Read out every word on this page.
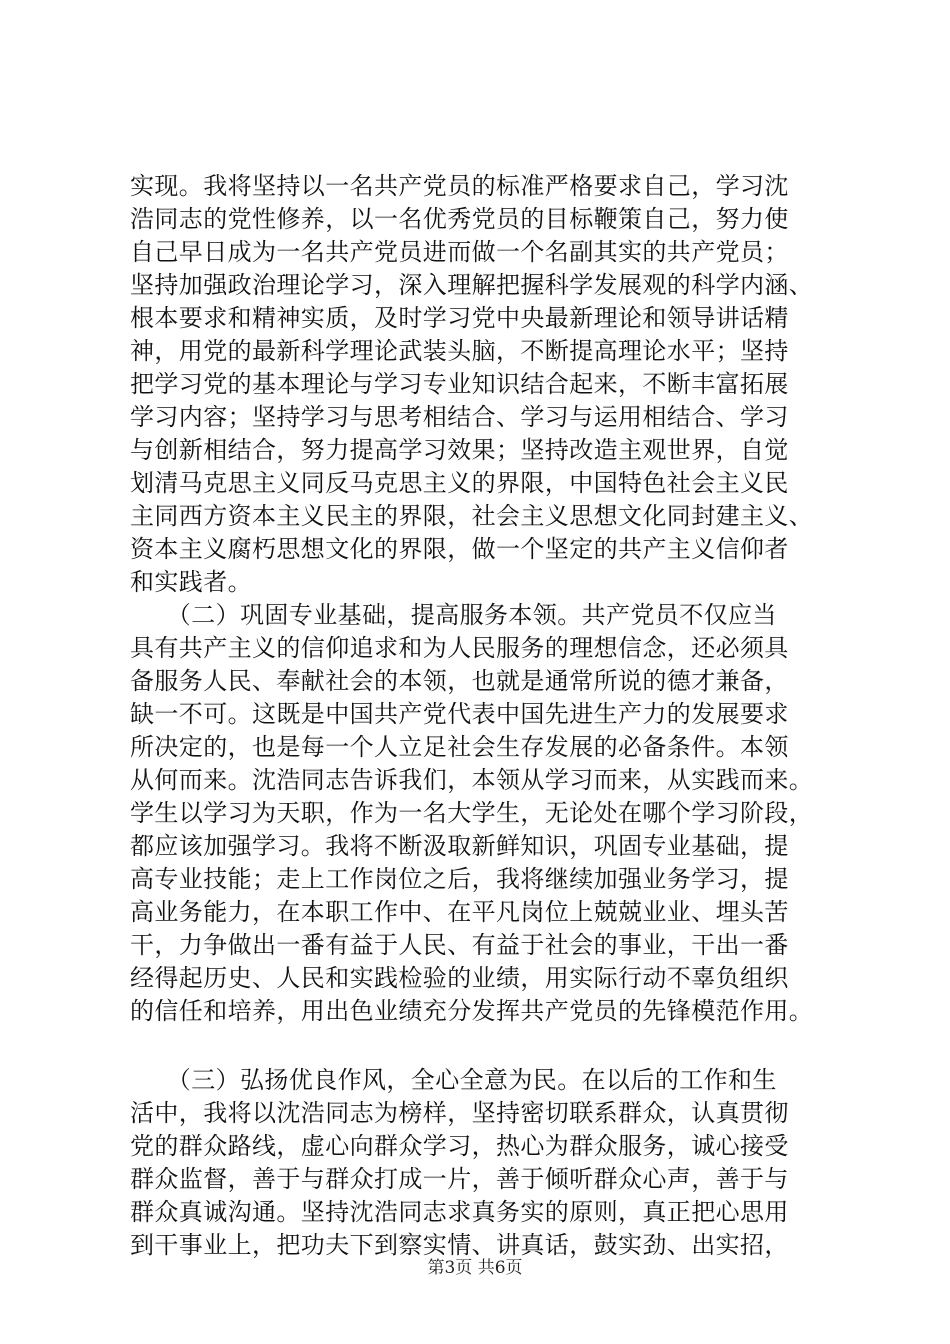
实现。我将坚持以一名共产党员的标准严格要求自己，学习沈
浩同志的党性修养，以一名优秀党员的目标鞭策自己，努力使
自己早日成为一名共产党员进而做一个名副其实的共产党员；
坚持加强政治理论学习，深入理解把握科学发展观的科学内涵、
根本要求和精神实质，及时学习党中央最新理论和领导讲话精
神，用党的最新科学理论武装头脑，不断提高理论水平；坚持
把学习党的基本理论与学习专业知识结合起来，不断丰富拓展
学习内容；坚持学习与思考相结合、学习与运用相结合、学习
与创新相结合，努力提高学习效果；坚持改造主观世界，自觉
划清马克思主义同反马克思主义的界限，中国特色社会主义民
主同西方资本主义民主的界限，社会主义思想文化同封建主义、
资本主义腐朽思想文化的界限，做一个坚定的共产主义信仰者
和实践者。
　　（二）巩固专业基础，提高服务本领。共产党员不仅应当
具有共产主义的信仰追求和为人民服务的理想信念，还必须具
备服务人民、奉献社会的本领，也就是通常所说的德才兼备，
缺一不可。这既是中国共产党代表中国先进生产力的发展要求
所决定的，也是每一个人立足社会生存发展的必备条件。本领
从何而来。沈浩同志告诉我们，本领从学习而来，从实践而来。
学生以学习为天职，作为一名大学生，无论处在哪个学习阶段，
都应该加强学习。我将不断汲取新鲜知识，巩固专业基础，提
高专业技能；走上工作岗位之后，我将继续加强业务学习，提
高业务能力，在本职工作中、在平凡岗位上兢兢业业、埋头苦
干，力争做出一番有益于人民、有益于社会的事业，干出一番
经得起历史、人民和实践检验的业绩，用实际行动不辜负组织
的信任和培养，用出色业绩充分发挥共产党员的先锋模范作用。
　　（三）弘扬优良作风，全心全意为民。在以后的工作和生
活中，我将以沈浩同志为榜样，坚持密切联系群众，认真贯彻
党的群众路线，虚心向群众学习，热心为群众服务，诚心接受
群众监督，善于与群众打成一片，善于倾听群众心声，善于与
群众真诚沟通。坚持沈浩同志求真务实的原则，真正把心思用
到干事业上，把功夫下到察实情、讲真话，鼓实劲、出实招，
第3页 共6页
